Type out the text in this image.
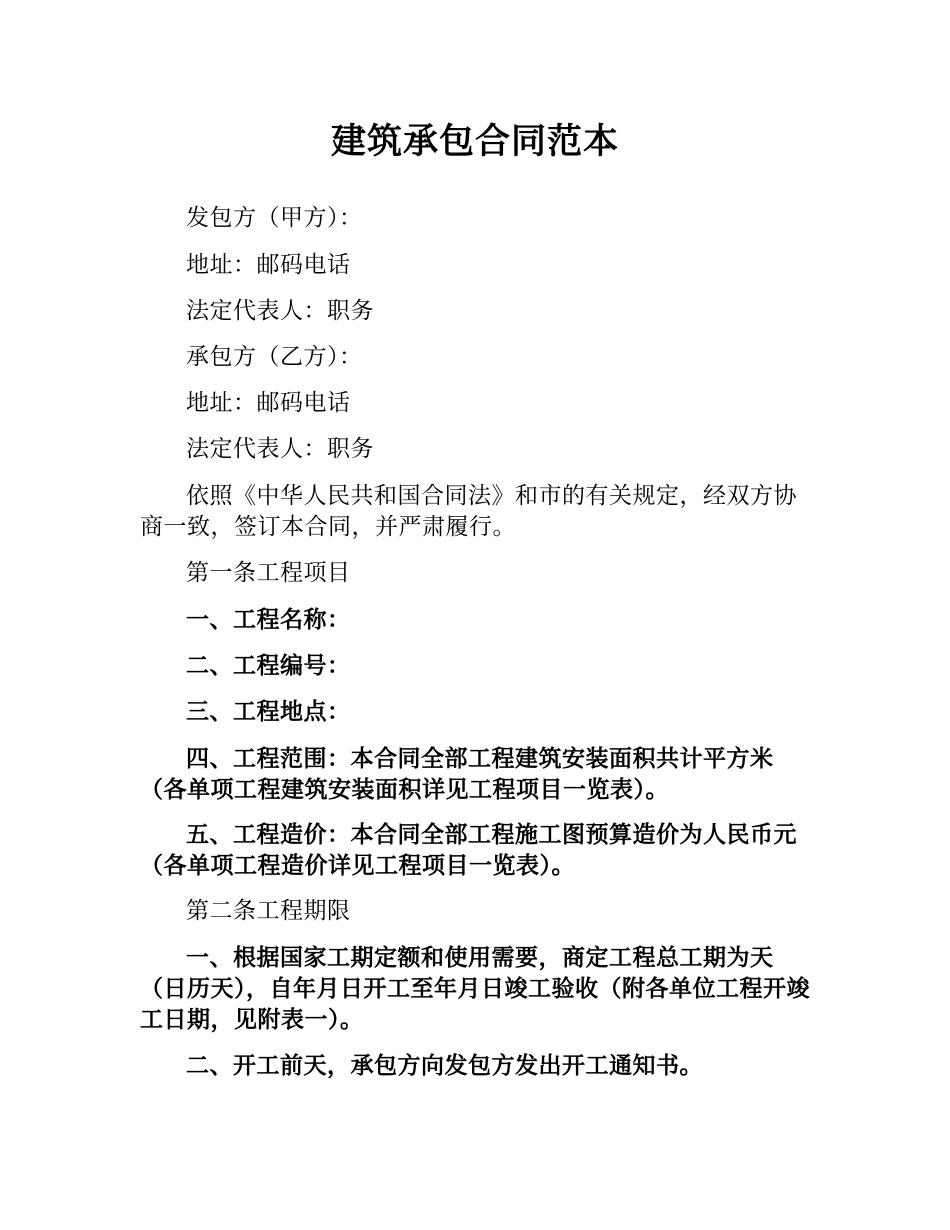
建筑承包合同范本

发包方（甲方）：

地址：邮码电话

法定代表人：职务

承包方（乙方）：

地址：邮码电话

法定代表人：职务

依照《中华人民共和国合同法》和市的有关规定，经双方协商一致，签订本合同，并严肃履行。

第一条工程项目

一、工程名称：

二、工程编号：

三、工程地点：

四、工程范围：本合同全部工程建筑安装面积共计平方米（各单项工程建筑安装面积详见工程项目一览表）。

五、工程造价：本合同全部工程施工图预算造价为人民币元（各单项工程造价详见工程项目一览表）。

第二条工程期限

一、根据国家工期定额和使用需要，商定工程总工期为天（日历天），自年月日开工至年月日竣工验收（附各单位工程开竣工日期，见附表一）。

二、开工前天，承包方向发包方发出开工通知书。
